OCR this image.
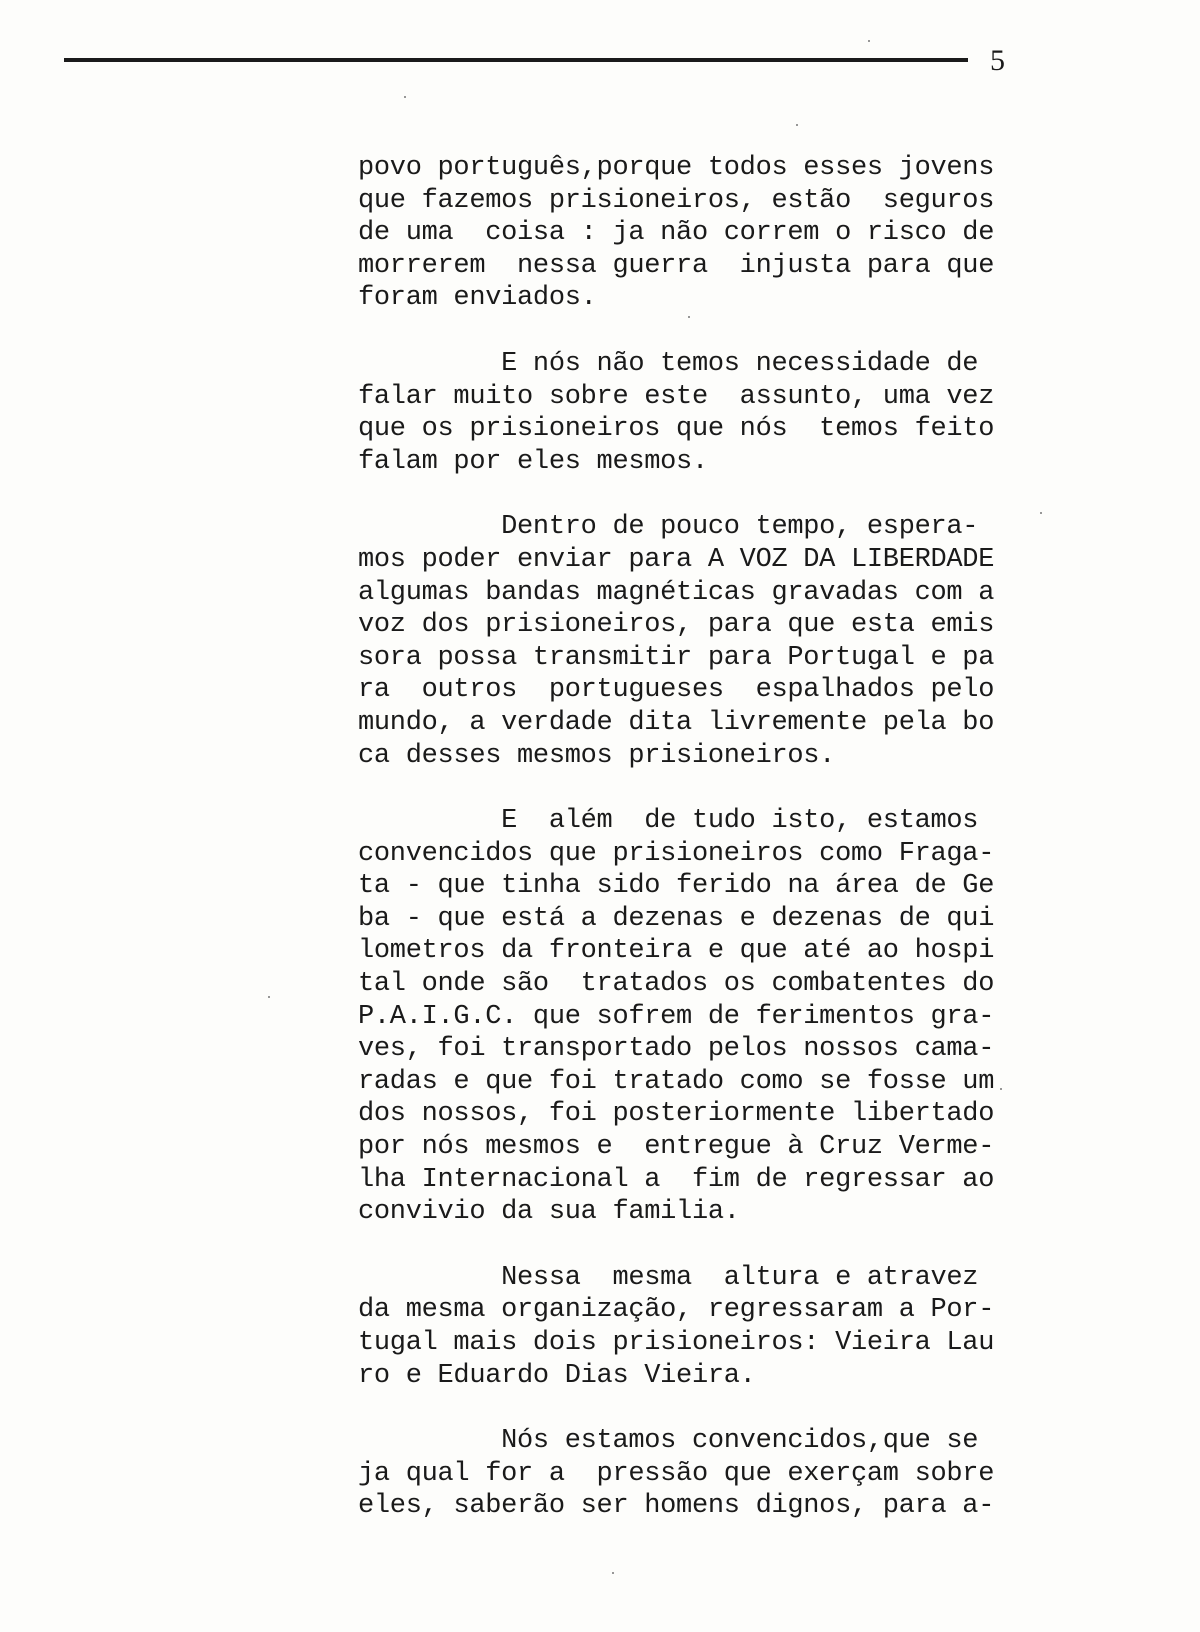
5
povo português,porque todos esses jovens
que fazemos prisioneiros, estão  seguros
de uma  coisa : ja não correm o risco de
morrerem  nessa guerra  injusta para que
foram enviados.
E nós não temos necessidade de
falar muito sobre este  assunto, uma vez
que os prisioneiros que nós  temos feito
falam por eles mesmos.
Dentro de pouco tempo, espera-
mos poder enviar para A VOZ DA LIBERDADE
algumas bandas magnéticas gravadas com a
voz dos prisioneiros, para que esta emis
sora possa transmitir para Portugal e pa
ra  outros  portugueses  espalhados pelo
mundo, a verdade dita livremente pela bo
ca desses mesmos prisioneiros.
E  além  de tudo isto, estamos
convencidos que prisioneiros como Fraga-
ta - que tinha sido ferido na área de Ge
ba - que está a dezenas e dezenas de qui
lometros da fronteira e que até ao hospi
tal onde são  tratados os combatentes do
P.A.I.G.C. que sofrem de ferimentos gra-
ves, foi transportado pelos nossos cama-
radas e que foi tratado como se fosse um
dos nossos, foi posteriormente libertado
por nós mesmos e  entregue à Cruz Verme-
lha Internacional a  fim de regressar ao
convivio da sua familia.
Nessa  mesma  altura e atravez
da mesma organização, regressaram a Por-
tugal mais dois prisioneiros: Vieira Lau
ro e Eduardo Dias Vieira.
Nós estamos convencidos,que se
ja qual for a  pressão que exerçam sobre
eles, saberão ser homens dignos, para a-
